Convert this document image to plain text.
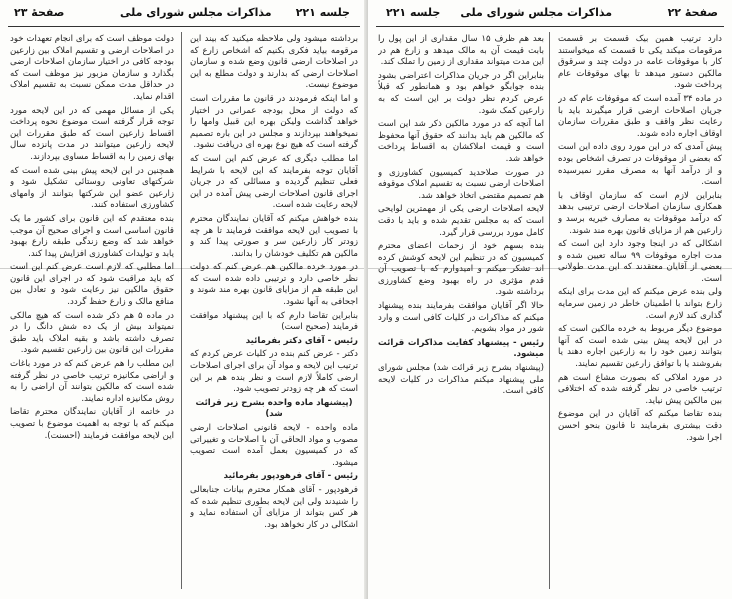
صفحهٔ ۲۳	مذاکرات مجلس شورای ملی جلسه ۲۲۱

برداشته میشود ولی ملاحظه میکنید که بیند این مرقومه بیاید فکری بکنیم که اشخاص زارع که در اصلاحات ارضی قانون وضع شده و سازمان اصلاحات ارضی که بدارند و دولت مطلع به این موضوع نیست.

و اما اینکه فرمودند در قانون ما مقررات است که دولت از محل بودجه عمرانی در اختیار خواهد گذاشت ولیکن بهره این قبیل وامها را نمیخواهند بپردازند و مجلس در این باره تصمیم گرفته است که هیچ نوع بهره ای دریافت نشود.

اما مطلب دیگری که عرض کنم این است که آقایان توجه بفرمایند که این لایحه با شرایط فعلی تنظیم گردیده و مسائلی که در جریان اجرای قانون اصلاحات ارضی پیش آمده در این لایحه رعایت شده است.

بنده خواهش میکنم که آقایان نمایندگان محترم با تصویب این لایحه موافقت فرمایند تا هر چه زودتر کار زارعین سر و صورتی پیدا کند و مالکین هم تکلیف خودشان را بدانند.

در مورد خرده مالکین هم عرض کنم که دولت نظر خاصی دارد و ترتیبی داده شده است که این طبقه هم از مزایای قانون بهره مند شوند و اجحافی به آنها نشود.

بنابراین تقاضا دارم که با این پیشنهاد موافقت فرمایند (صحیح است)

رئیس - آقای دکتر بفرمائید

دکتر - عرض کنم بنده در کلیات عرض کردم که ترتیب این لایحه و مواد آن برای اجرای اصلاحات ارضی کاملاً لازم است و نظر بنده هم بر این است که هر چه زودتر تصویب شود.

(پیشنهاد ماده واحده بشرح زیر قرائت شد)

ماده واحده - لایحه قانونی اصلاحات ارضی مصوب و مواد الحاقی آن با اصلاحات و تغییراتی که در کمیسیون بعمل آمده است تصویب میشود.

رئیس - آقای فرهودپور بفرمائید

فرهودپور - آقای همکار محترم بیانات جنابعالی را شنیدند ولی این لایحه بطوری تنظیم شده که هر کس بتواند از مزایای آن استفاده نماید و اشکالی در کار نخواهد بود.

دولت موظف است که برای انجام تعهدات خود در اصلاحات ارضی و تقسیم املاک بین زارعین بودجه کافی در اختیار سازمان اصلاحات ارضی بگذارد و سازمان مزبور نیز موظف است که در حداقل مدت ممکن نسبت به تقسیم املاک اقدام نماید.

یکی از مسائل مهمی که در این لایحه مورد توجه قرار گرفته است موضوع نحوه پرداخت اقساط زارعین است که طبق مقررات این لایحه زارعین میتوانند در مدت پانزده سال بهای زمین را به اقساط مساوی بپردازند.

همچنین در این لایحه پیش بینی شده است که شرکتهای تعاونی روستائی تشکیل شود و زارعین عضو این شرکتها بتوانند از وامهای کشاورزی استفاده کنند.

بنده معتقدم که این قانون برای کشور ما یک قانون اساسی است و اجرای صحیح آن موجب خواهد شد که وضع زندگی طبقه زارع بهبود یابد و تولیدات کشاورزی افزایش پیدا کند.

اما مطلبی که لازم است عرض کنم این است که باید مراقبت شود که در اجرای این قانون حقوق مالکین نیز رعایت شود و تعادل بین منافع مالک و زارع حفظ گردد.

در ماده ۵ هم ذکر شده است که هیچ مالکی نمیتواند بیش از یک ده شش دانگ را در تصرف داشته باشد و بقیه املاک باید طبق مقررات این قانون بین زارعین تقسیم شود.

این مطلب را هم عرض کنم که در مورد باغات و اراضی مکانیزه ترتیب خاصی در نظر گرفته شده است که مالکین بتوانند آن اراضی را به روش مکانیزه اداره نمایند.

در خاتمه از آقایان نمایندگان محترم تقاضا میکنم که با توجه به اهمیت موضوع با تصویب این لایحه موافقت فرمایند (احسنت).

صفحهٔ ۲۲
مذاکرات مجلس شورای ملی
جلسه ۲۲۱

دارد ترتیب همین بیک قسمت بر قسمت مرقومات میکند یکی تا قسمت که میخواستند کار با موقوفات عامه در دولت چند و سرقوق مالکین دستور میدهد تا بهای موقوفات عام پرداخت شود.

در ماده ۳۴ آمده است که موقوفات عام که در جریان اصلاحات ارضی قرار میگیرند باید با رعایت نظر واقف و طبق مقررات سازمان اوقاف اجاره داده شوند.

پیش آمدی که در این مورد روی داده این است که بعضی از موقوفات در تصرف اشخاص بوده و از درآمد آنها به مصرف مقرر نمیرسیده است.

بنابراین لازم است که سازمان اوقاف با همکاری سازمان اصلاحات ارضی ترتیبی بدهد که درآمد موقوفات به مصارف خیریه برسد و زارعین هم از مزایای قانون بهره مند شوند.

اشکالی که در اینجا وجود دارد این است که مدت اجاره موقوفات ۹۹ ساله تعیین شده و بعضی از آقایان معتقدند که این مدت طولانی است.

ولی بنده عرض میکنم که این مدت برای اینکه زارع بتواند با اطمینان خاطر در زمین سرمایه گذاری کند لازم است.

موضوع دیگر مربوط به خرده مالکین است که در این لایحه پیش بینی شده است که آنها بتوانند زمین خود را به زارعین اجاره دهند یا بفروشند یا با توافق زارعین تقسیم نمایند.

در مورد املاکی که بصورت مشاع است هم ترتیب خاصی در نظر گرفته شده که اختلافی بین مالکین پیش نیاید.

بنده تقاضا میکنم که آقایان در این موضوع دقت بیشتری بفرمایند تا قانون بنحو احسن اجرا شود.

بعد هم ظرف ۱۵ سال مقداری از این پول را بابت قیمت آن به مالک میدهد و زارع هم در این مدت میتواند مقداری از زمین را تملک کند.

بنابراین اگر در جریان مذاکرات اعتراضی بشود بنده جوابگو خواهم بود و همانطور که قبلاً عرض کردم نظر دولت بر این است که به زارعین کمک شود.

اما آنچه که در مورد مالکین ذکر شد این است که مالکین هم باید بدانند که حقوق آنها محفوظ است و قیمت املاکشان به اقساط پرداخت خواهد شد.

در صورت صلاحدید کمیسیون کشاورزی و اصلاحات ارضی نسبت به تقسیم املاک موقوفه هم تصمیم مقتضی اتخاذ خواهد شد.

لایحه اصلاحات ارضی یکی از مهمترین لوایحی است که به مجلس تقدیم شده و باید با دقت کامل مورد بررسی قرار گیرد.

بنده بسهم خود از زحمات اعضای محترم کمیسیون که در تنظیم این لایحه کوشش کرده اند تشکر میکنم و امیدوارم که با تصویب آن قدم مؤثری در راه بهبود وضع کشاورزی برداشته شود.

حالا اگر آقایان موافقت بفرمایند بنده پیشنهاد میکنم که مذاکرات در کلیات کافی است و وارد شور در مواد بشویم.

رئیس - پیشنهاد کفایت مذاکرات قرائت میشود.

(پیشنهاد بشرح زیر قرائت شد) مجلس شورای ملی پیشنهاد میکنم مذاکرات در کلیات لایحه کافی است.
